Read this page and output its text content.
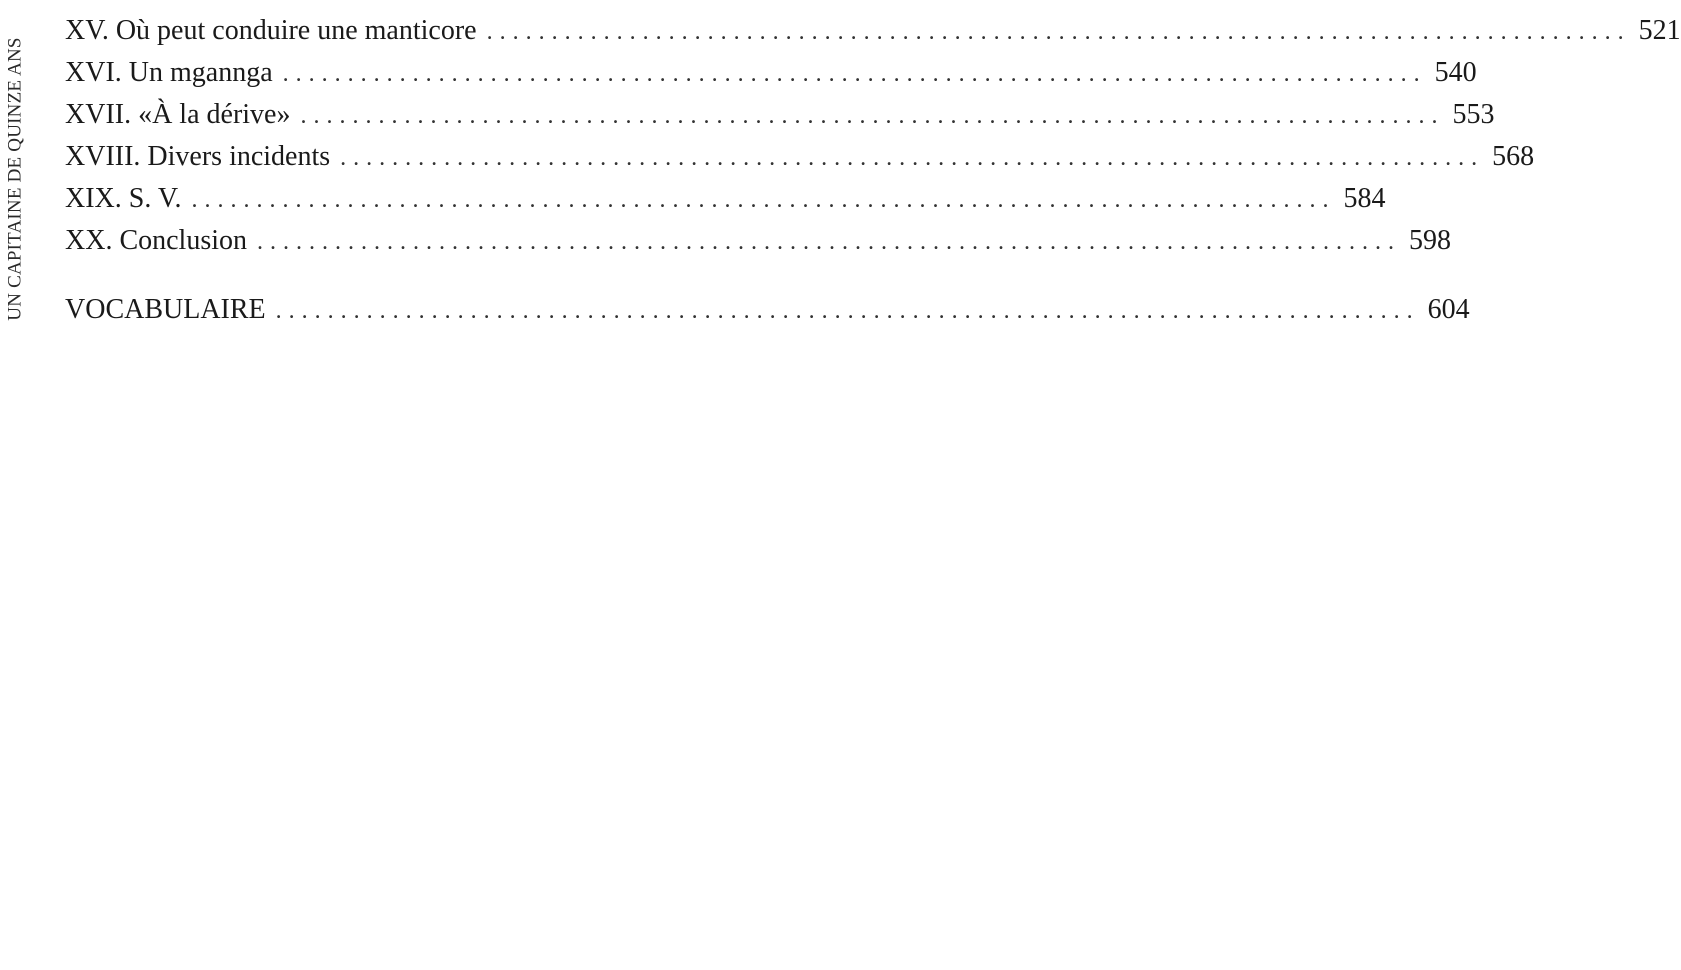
UN CAPITAINE DE QUINZE ANS
XV. Où peut conduire une manticore ........................................................................................ 521
XVI. Un mgannga ........................................................................................ 540
XVII. «À la dérive» ........................................................................................ 553
XVIII. Divers incidents ........................................................................................ 568
XIX. S. V. ........................................................................................ 584
XX. Conclusion ........................................................................................ 598
VOCABULAIRE ........................................................................................ 604
